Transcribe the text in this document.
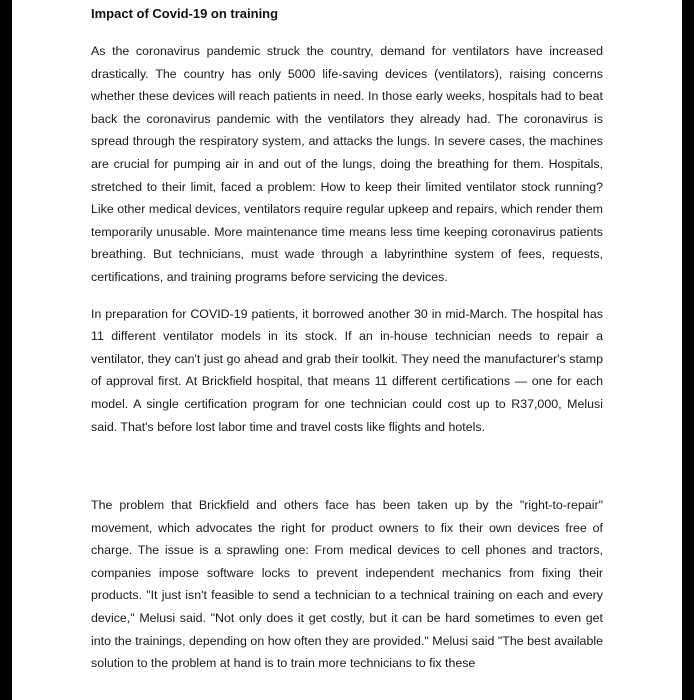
Impact of Covid-19 on training

As the coronavirus pandemic struck the country, demand for ventilators have increased drastically. The country has only 5000 life-saving devices (ventilators), raising concerns whether these devices will reach patients in need. In those early weeks, hospitals had to beat back the coronavirus pandemic with the ventilators they already had. The coronavirus is spread through the respiratory system, and attacks the lungs. In severe cases, the machines are crucial for pumping air in and out of the lungs, doing the breathing for them. Hospitals, stretched to their limit, faced a problem: How to keep their limited ventilator stock running? Like other medical devices, ventilators require regular upkeep and repairs, which render them temporarily unusable. More maintenance time means less time keeping coronavirus patients breathing. But technicians, must wade through a labyrinthine system of fees, requests, certifications, and training programs before servicing the devices.

In preparation for COVID-19 patients, it borrowed another 30 in mid-March. The hospital has 11 different ventilator models in its stock. If an in-house technician needs to repair a ventilator, they can't just go ahead and grab their toolkit. They need the manufacturer's stamp of approval first. At Brickfield hospital, that means 11 different certifications — one for each model. A single certification program for one technician could cost up to R37,000, Melusi said. That's before lost labor time and travel costs like flights and hotels.

The problem that Brickfield and others face has been taken up by the "right-to-repair" movement, which advocates the right for product owners to fix their own devices free of charge. The issue is a sprawling one: From medical devices to cell phones and tractors, companies impose software locks to prevent independent mechanics from fixing their products. "It just isn't feasible to send a technician to a technical training on each and every device," Melusi said. "Not only does it get costly, but it can be hard sometimes to even get into the trainings, depending on how often they are provided." Melusi said "The best available solution to the problem at hand is to train more technicians to fix these
